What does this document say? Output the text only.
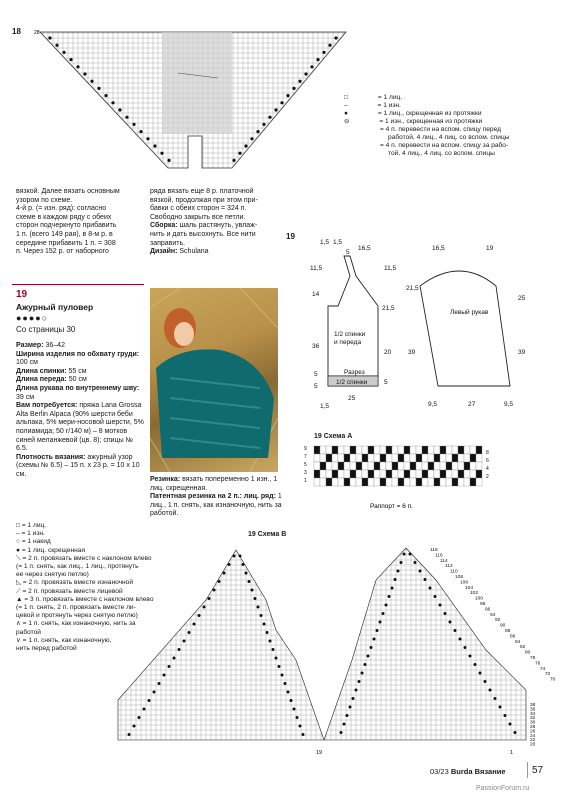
18	28
□	= 1 лиц.
–	= 1 изн.
●	= 1 лиц., скрещенная из протяжки
⊖	= 1 изн., скрещенная из протяжки
= 4 п. перевести на вспом. спицу перед
работой, 4 лиц., 4 лиц. со вспом. спицы
= 4 п. перевести на вспом. спицу за рабо-
той, 4 лиц., 4 лиц. со вспом. спицы
вязкой. Далее вязать основным
узором по схеме.
4-й р. (= изн. ряд): согласно
схеме в каждом ряду с обеих
сторон подчеркнуто прибавить
1 п. (всего 149 рая), в 8-м р. в
середине прибавить 1 п. = 308
п. Через 152 р. от наборного
ряда вязать еще 8 р. платочной
вязкой, продолжая при этом при-
бавки с обеих сторон = 324 п.
Свободно закрыть все петли.
Сборка: шаль растянуть, увлаж-
нить и дать высохнуть. Все нити
заправить.
Дизайн: Schulana
19
Ажурный пуловер
●●●●○
Со страницы 30
Размер: 36–42
Ширина изделия по обхвату груди: 100 см
Длина спинки: 55 см
Длина переда: 50 см
Длина рукава по внутреннему шву: 39 см
Вам потребуется: пряжа Lana Grossa Alta Berlin Alpaca (90% шерсти беби альпака, 5% мери-носовой шерсти, 5% полиамида; 50 г/140 м) – 8 мотков синей меланжевой (цв. 8); спицы № 6.5.
Плотность вязания: ажурный узор (схемы № 6.5) – 15 п. х 23 р. = 10 х 10 см.
Резинка: вязать попеременно 1 изн., 1 лиц. скрещенная.
Патентная резинка на 2 п.: лиц. ряд: 1 лиц., 1 п. снять, как изнаночную, нить за работой.
19
1,5 1,5
5
16,5
11,5
14
36
5
5
11,5
21,5
20
5
1,5
25
1/2 спинки
и переда
Разрез
1/2 спинки
16,5	19
21,5
39
25
39
9,5	27	9,5
Левый рукав
19 Схема А
9
7
5
3
1
8
6
4
2
Раппорт = 6 п.
□ = 1 лиц.
– = 1 изн.
○ = 1 накид
● = 1 лиц. скрещенная
⟍ = 2 п. провязать вместе с наклоном влево
(= 1 п. снять, как лиц., 1 лиц., протянуть
ее через снятую петлю)
◺ = 2 п. провязать вместе изнаночной
⟋ = 2 п. провязать вместе лицевой
▲ = 3 п. провязать вместе с наклоном влево
(= 1 п. снять, 2 п. провязать вместе ли-
цевой и протянуть через снятую петлю)
∧ = 1 п. снять, как изнаночную, нить за
работой
∨ = 1 п. снять, как изнаночную,
нить перед работой
19 Схема В
118
116
114
112
110
108
106
104
102
100
98
96
94
92
90
88
86
84
82
80
78
76
74
72
70
38
36
34
32
30
28
26
24
22
20
19	1
03/23 Burda Вязание	57
PassionForum.ru
